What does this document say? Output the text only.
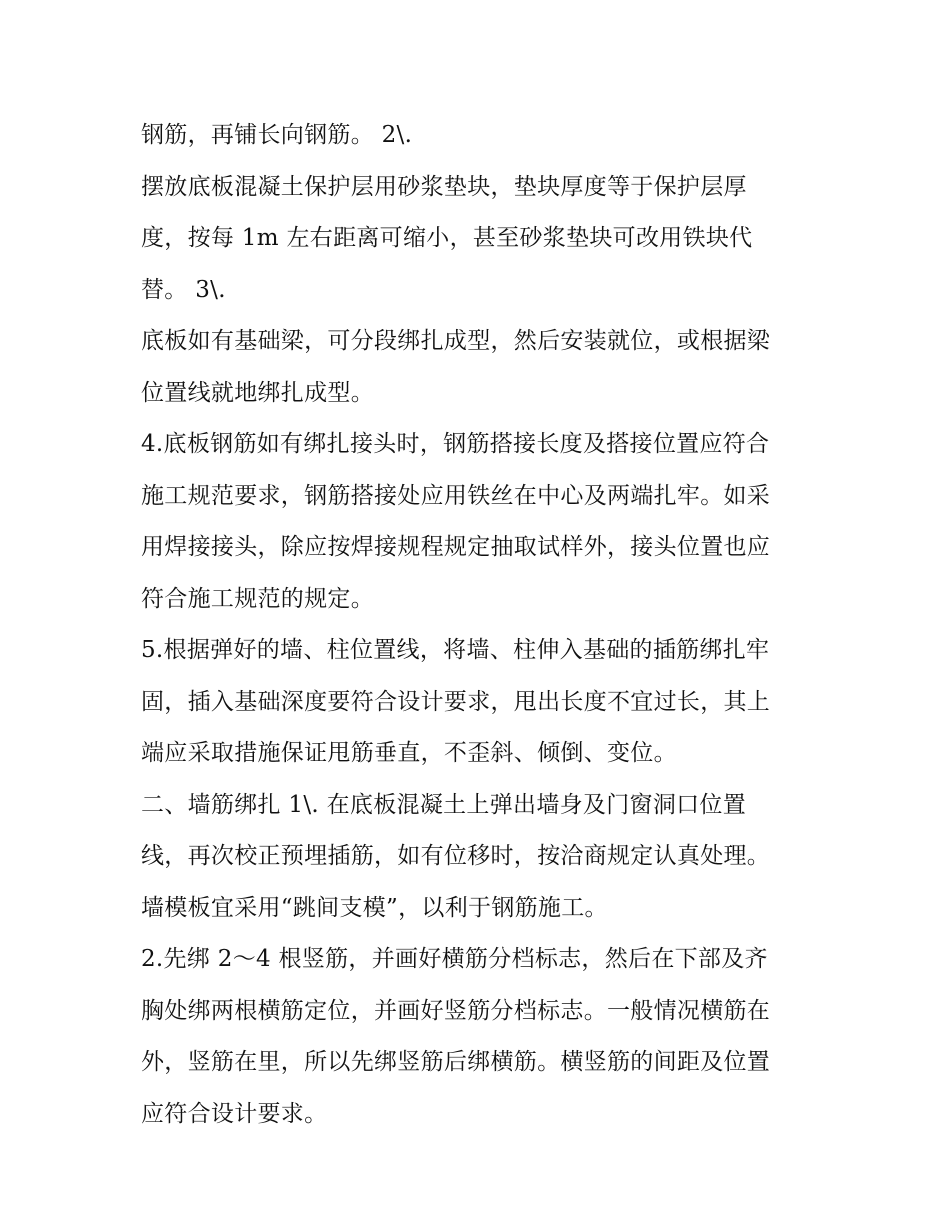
钢筋，再铺长向钢筋。 2\.
摆放底板混凝土保护层用砂浆垫块，垫块厚度等于保护层厚
度，按每 1m 左右距离可缩小，甚至砂浆垫块可改用铁块代
替。 3\.
底板如有基础梁，可分段绑扎成型，然后安装就位，或根据梁
位置线就地绑扎成型。
4.底板钢筋如有绑扎接头时，钢筋搭接长度及搭接位置应符合
施工规范要求，钢筋搭接处应用铁丝在中心及两端扎牢。如采
用焊接接头，除应按焊接规程规定抽取试样外，接头位置也应
符合施工规范的规定。
5.根据弹好的墙、柱位置线，将墙、柱伸入基础的插筋绑扎牢
固，插入基础深度要符合设计要求，甩出长度不宜过长，其上
端应采取措施保证甩筋垂直，不歪斜、倾倒、变位。
二、墙筋绑扎 1\. 在底板混凝土上弹出墙身及门窗洞口位置
线，再次校正预埋插筋，如有位移时，按洽商规定认真处理。
墙模板宜采用“跳间支模”，以利于钢筋施工。
2.先绑 2～4 根竖筋，并画好横筋分档标志，然后在下部及齐
胸处绑两根横筋定位，并画好竖筋分档标志。一般情况横筋在
外，竖筋在里，所以先绑竖筋后绑横筋。横竖筋的间距及位置
应符合设计要求。
